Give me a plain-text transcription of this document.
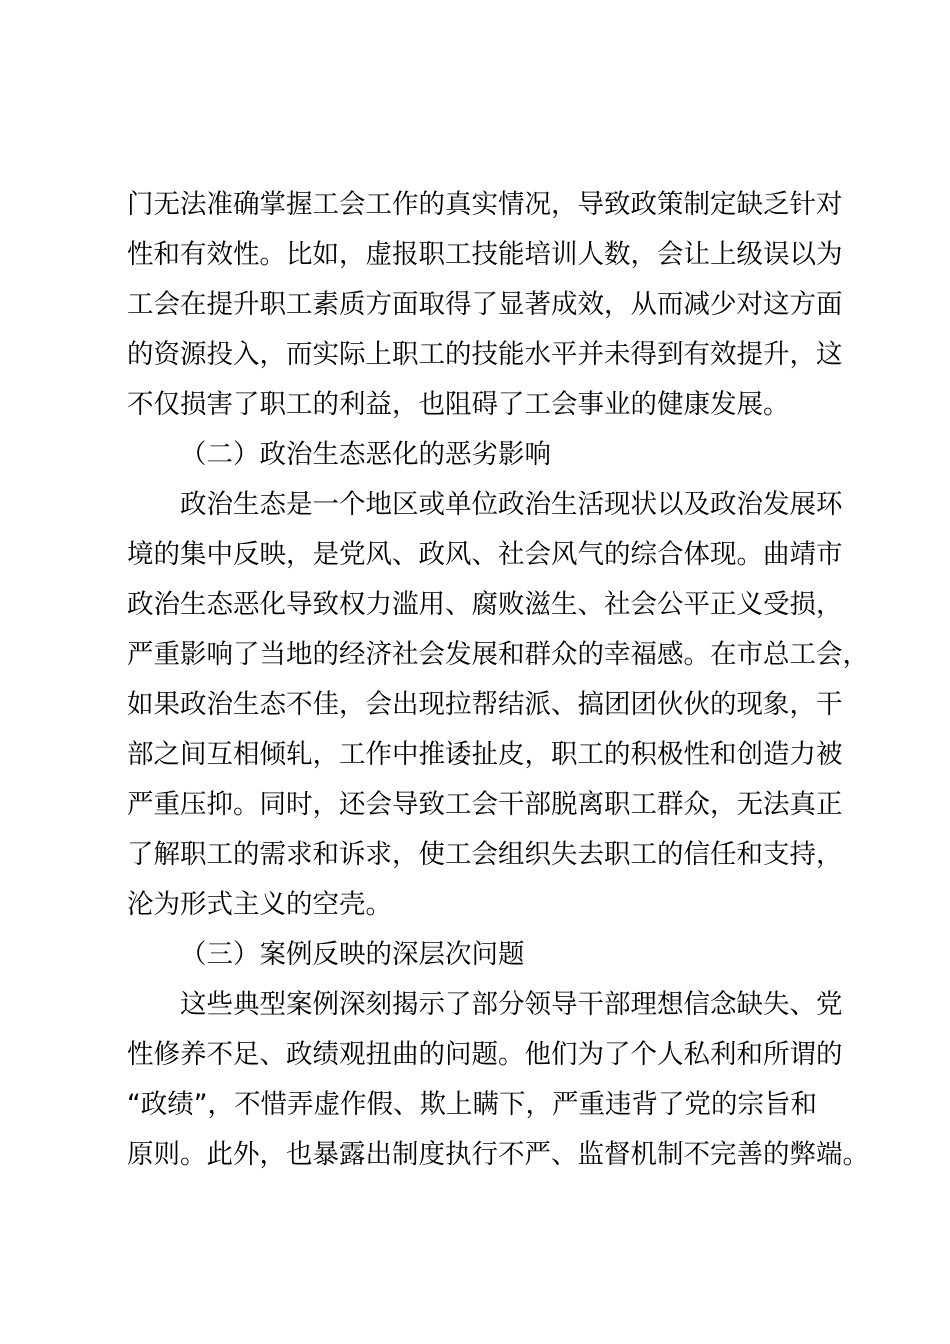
门无法准确掌握工会工作的真实情况，导致政策制定缺乏针对
性和有效性。比如，虚报职工技能培训人数，会让上级误以为
工会在提升职工素质方面取得了显著成效，从而减少对这方面
的资源投入，而实际上职工的技能水平并未得到有效提升，这
不仅损害了职工的利益，也阻碍了工会事业的健康发展。
（二）政治生态恶化的恶劣影响
政治生态是一个地区或单位政治生活现状以及政治发展环
境的集中反映，是党风、政风、社会风气的综合体现。曲靖市
政治生态恶化导致权力滥用、腐败滋生、社会公平正义受损，
严重影响了当地的经济社会发展和群众的幸福感。在市总工会，
如果政治生态不佳，会出现拉帮结派、搞团团伙伙的现象，干
部之间互相倾轧，工作中推诿扯皮，职工的积极性和创造力被
严重压抑。同时，还会导致工会干部脱离职工群众，无法真正
了解职工的需求和诉求，使工会组织失去职工的信任和支持，
沦为形式主义的空壳。
（三）案例反映的深层次问题
这些典型案例深刻揭示了部分领导干部理想信念缺失、党
性修养不足、政绩观扭曲的问题。他们为了个人私利和所谓的
“政绩”，不惜弄虚作假、欺上瞒下，严重违背了党的宗旨和
原则。此外，也暴露出制度执行不严、监督机制不完善的弊端。
